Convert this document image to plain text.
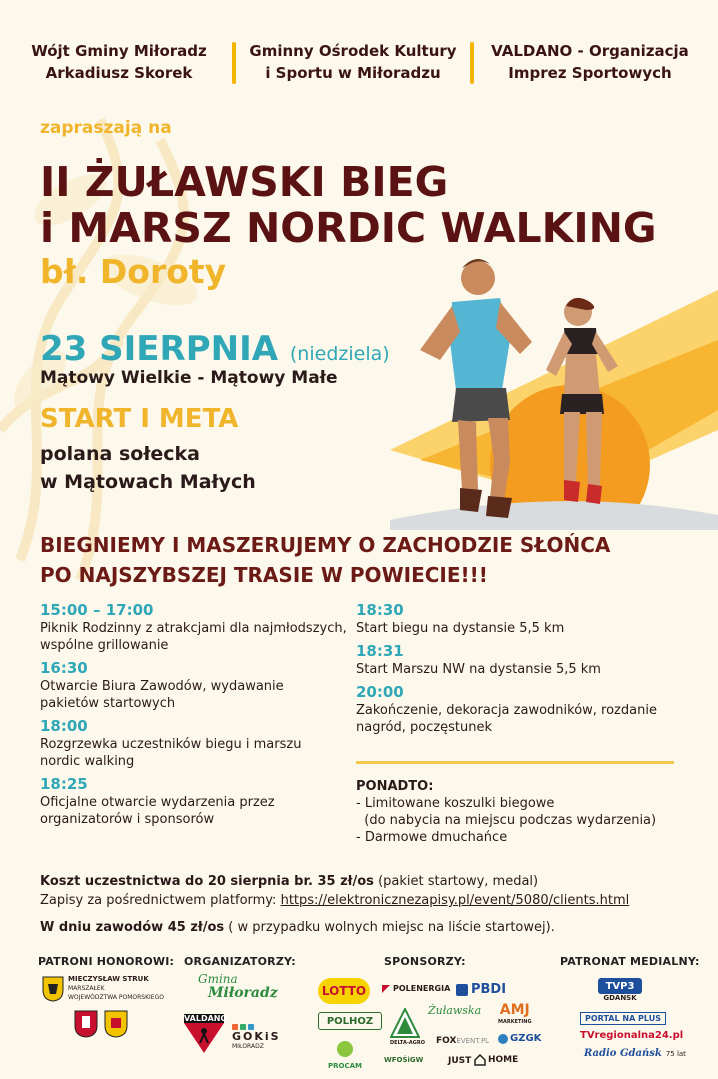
Wójt Gminy Miłoradz
Arkadiusz Skorek
Gminny Ośrodek Kultury
i Sportu w Miłoradzu
VALDANO - Organizacja
Imprez Sportowych
zapraszają na
II ŻUŁAWSKI BIEG
i MARSZ NORDIC WALKING
bł. Doroty
23 SIERPNIA (niedziela)
Mątowy Wielkie - Mątowy Małe
START I META
polana sołecka
w Mątowach Małych
BIEGNIEMY I MASZERUJEMY O ZACHODZIE SŁOŃCA
PO NAJSZYBSZEJ TRASIE W POWIECIE!!!
15:00 – 17:00
Piknik Rodzinny z atrakcjami dla najmłodszych,
wspólne grillowanie
16:30
Otwarcie Biura Zawodów, wydawanie
pakietów startowych
18:00
Rozgrzewka uczestników biegu i marszu
nordic walking
18:25
Oficjalne otwarcie wydarzenia przez
organizatorów i sponsorów
18:30
Start biegu na dystansie 5,5 km
18:31
Start Marszu NW na dystansie 5,5 km
20:00
Zakończenie, dekoracja zawodników, rozdanie
nagród, poczęstunek
PONADTO:
- Limitowane koszulki biegowe
(do nabycia na miejscu podczas wydarzenia)
- Darmowe dmuchańce
Koszt uczestnictwa do 20 sierpnia br. 35 zł/os (pakiet startowy, medal)
Zapisy za pośrednictwem platformy: https://elektronicznezapisy.pl/event/5080/clients.html
W dniu zawodów 45 zł/os ( w przypadku wolnych miejsc na liście startowej).
PATRONI HONOROWI: ORGANIZATORZY:	SPONSORZY:	PATRONAT MEDIALNY:
MIECZYSŁAW STRUK
MARSZAŁEK
WOJEWÓDZTWA POMORSKIEGO
Gmina
Miłoradz
VALDANO
GOKiS
MIŁORADZ
LOTTO	POLENERGIA PBDI
POLHOZ
DELTA-AGRO
Żuławska AMJ
MARKETING
FOX EVENT.PL GZGK
PROCAM
WFOŚiGW	JUST HOME
TVP3
GDAŃSK
PORTAL NA PLUS
TVregionalna24.pl
Radio Gdańsk 75 lat
